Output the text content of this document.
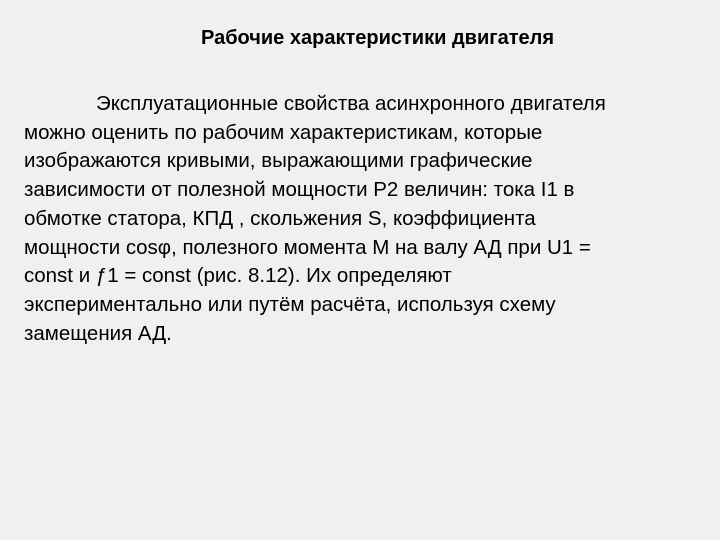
Рабочие характеристики двигателя

Эксплуатационные свойства асинхронного двигателя
можно оценить по рабочим характеристикам, которые
изображаются кривыми, выражающими графические
зависимости от полезной мощности Р2 величин: тока I1 в
обмотке статора, КПД , скольжения S, коэффициента
мощности cosφ, полезного момента М на валу АД при U1 =
const и ƒ1 = const (рис. 8.12). Их определяют
экспериментально или путём расчёта, используя схему
замещения АД.
